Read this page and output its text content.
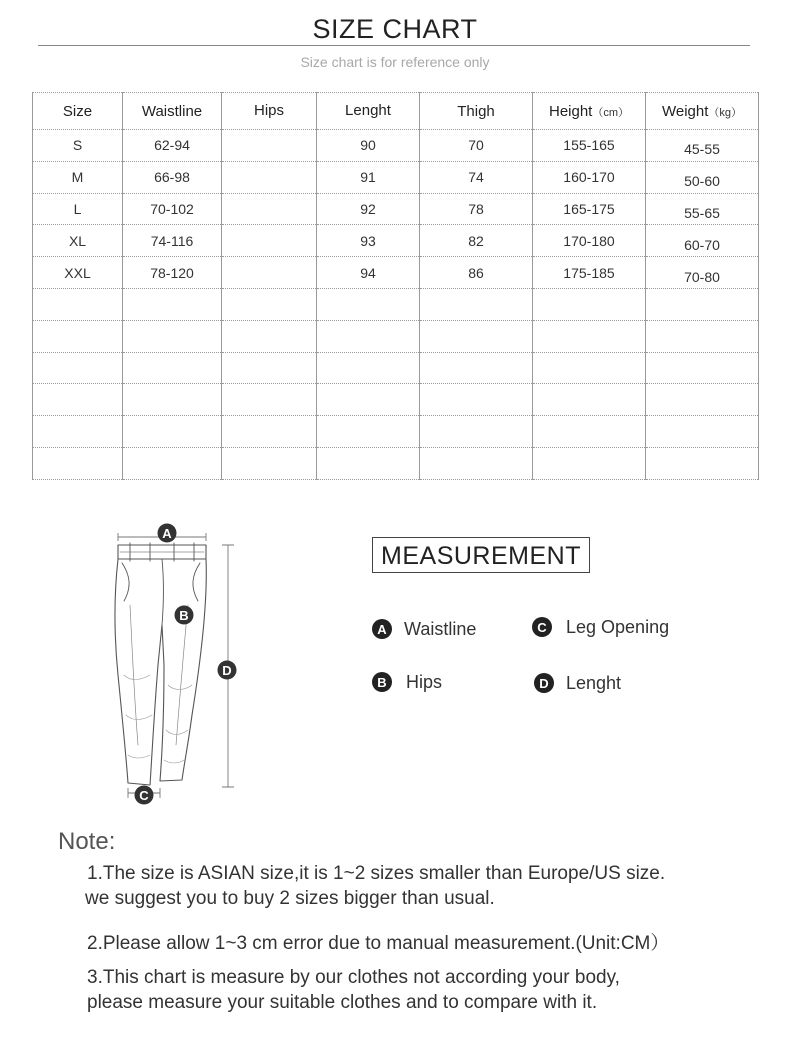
SIZE CHART
Size chart is for reference only
Size	Waistline	Hips	Lenght	Thigh	Height（cm）	Weight（kg）
S	62-94		90	70	155-165	45-55
M	66-98		91	74	160-170	50-60
L	70-102		92	78	165-175	55-65
XL	74-116		93	82	170-180	60-70
XXL	78-120		94	86	175-185	70-80

A
B
D
C
MEASUREMENT
A Waistline	C Leg Opening
B Hips	D Lenght
Note:
1.The size is ASIAN size,it is 1~2 sizes smaller than Europe/US size.
we suggest you to buy 2 sizes bigger than usual.
2.Please allow 1~3 cm error due to manual measurement.(Unit:CM）
3.This chart is measure by our clothes not according your body,
please measure your suitable clothes and to compare with it.
